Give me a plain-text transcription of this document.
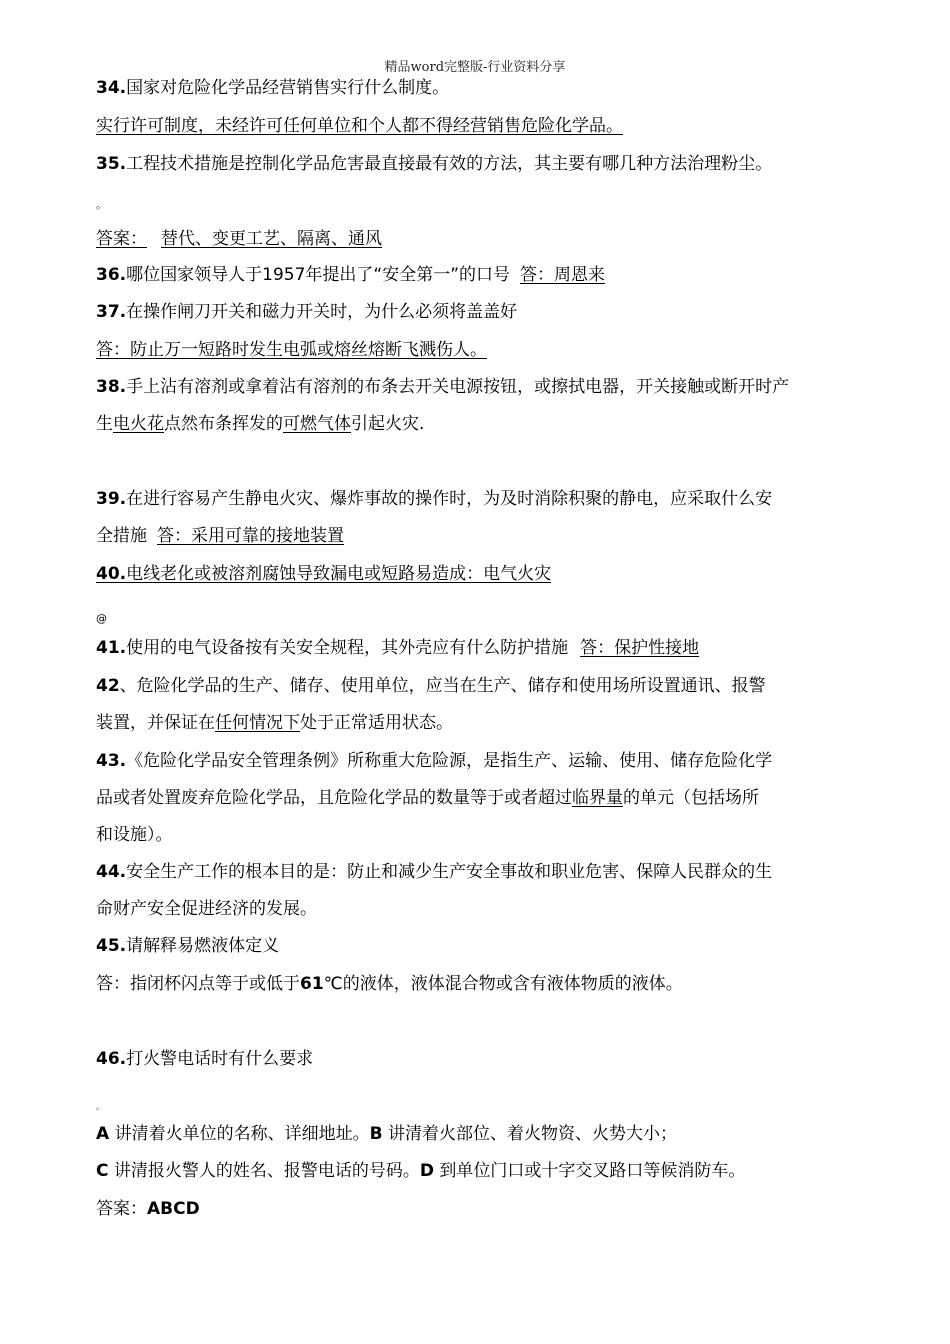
精品word完整版-行业资料分享
34.国家对危险化学品经营销售实行什么制度。
实行许可制度，未经许可任何单位和个人都不得经营销售危险化学品。
35.工程技术措施是控制化学品危害最直接最有效的方法，其主要有哪几种方法治理粉尘。
。
答案： 替代、变更工艺、隔离、通风
36.哪位国家领导人于1957年提出了“安全第一”的口号 答：周恩来
37.在操作闸刀开关和磁力开关时，为什么必须将盖盖好
答：防止万一短路时发生电弧或熔丝熔断飞溅伤人。
38.手上沾有溶剂或拿着沾有溶剂的布条去开关电源按钮，或擦拭电器，开关接触或断开时产
生电火花点然布条挥发的可燃气体引起火灾.
39.在进行容易产生静电火灾、爆炸事故的操作时，为及时消除积聚的静电，应采取什么安
全措施 答：采用可靠的接地装置
40.电线老化或被溶剂腐蚀导致漏电或短路易造成：电气火灾
@
41.使用的电气设备按有关安全规程，其外壳应有什么防护措施 答：保护性接地
42、危险化学品的生产、储存、使用单位，应当在生产、储存和使用场所设置通讯、报警
装置，并保证在任何情况下处于正常适用状态。
43.《危险化学品安全管理条例》所称重大危险源，是指生产、运输、使用、储存危险化学
品或者处置废弃危险化学品，且危险化学品的数量等于或者超过临界量的单元（包括场所
和设施）。
44.安全生产工作的根本目的是：防止和减少生产安全事故和职业危害、保障人民群众的生
命财产安全促进经济的发展。
45.请解释易燃液体定义
答：指闭杯闪点等于或低于61℃的液体，液体混合物或含有液体物质的液体。
46.打火警电话时有什么要求
。
A 讲清着火单位的名称、详细地址。B 讲清着火部位、着火物资、火势大小；
C 讲清报火警人的姓名、报警电话的号码。D 到单位门口或十字交叉路口等候消防车。
答案：ABCD
